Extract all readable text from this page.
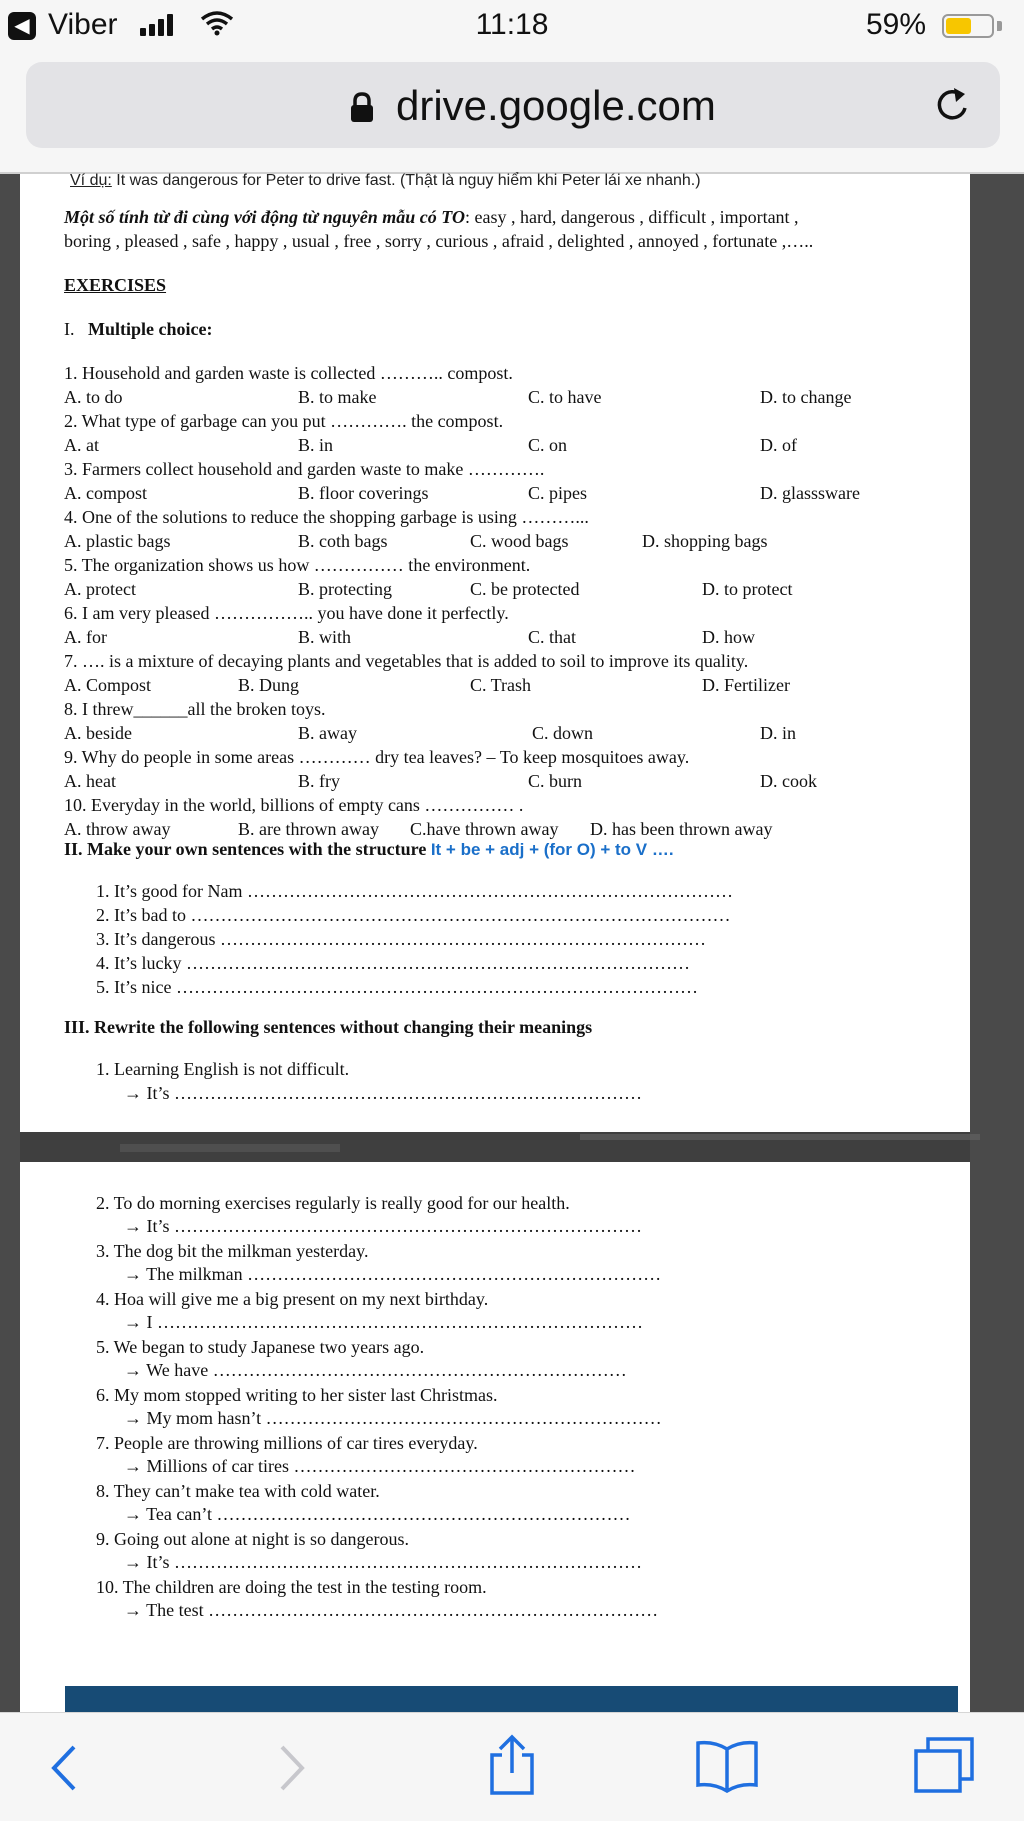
◀ Viber	11:18	59%
drive.google.com
Ví dụ: It was dangerous for Peter to drive fast. (Thật là nguy hiểm khi Peter lái xe nhanh.)
Một số tính từ đi cùng với động từ nguyên mẫu có TO: easy , hard, dangerous , difficult , important ,
boring , pleased , safe , happy , usual , free , sorry , curious , afraid , delighted , annoyed , fortunate ,…..
EXERCISES
I. Multiple choice:
1. Household and garden waste is collected ……….. compost.
A. to do	B. to make	C. to have	D. to change
2. What type of garbage can you put …………. the compost.
A. at	B. in	C. on	D. of
3. Farmers collect household and garden waste to make ………….
A. compost	B. floor coverings	C. pipes	D. glasssware
4. One of the solutions to reduce the shopping garbage is using ………...
A. plastic bags	B. coth bags	C. wood bags	D. shopping bags
5. The organization shows us how …………… the environment.
A. protect	B. protecting	C. be protected	D. to protect
6. I am very pleased …………….. you have done it perfectly.
A. for	B. with	C. that	D. how
7. …. is a mixture of decaying plants and vegetables that is added to soil to improve its quality.
A. Compost	B. Dung	C. Trash	D. Fertilizer
8. I threw______all the broken toys.
A. beside	B. away	C. down	D. in
9. Why do people in some areas ………… dry tea leaves? – To keep mosquitoes away.
A. heat	B. fry	C. burn	D. cook
10. Everyday in the world, billions of empty cans …………… .
A. throw away	B. are thrown away C.have thrown away D. has been thrown away
II. Make your own sentences with the structure It + be + adj + (for O) + to V ….
1. It’s good for Nam ………………………………………………………………………
2. It’s bad to ………………………………………………………………………………
3. It’s dangerous ………………………………………………………………………
4. It’s lucky …………………………………………………………………………
5. It’s nice ……………………………………………………………………………
III. Rewrite the following sentences without changing their meanings
1. Learning English is not difficult.
→ It’s ……………………………………………………………………
2. To do morning exercises regularly is really good for our health.
→ It’s ……………………………………………………………………
3. The dog bit the milkman yesterday.
→ The milkman ……………………………………………………………
4. Hoa will give me a big present on my next birthday.
→ I ………………………………………………………………………
5. We began to study Japanese two years ago.
→ We have ……………………………………………………………
6. My mom stopped writing to her sister last Christmas.
→ My mom hasn’t …………………………………………………………
7. People are throwing millions of car tires everyday.
→ Millions of car tires …………………………………………………
8. They can’t make tea with cold water.
→ Tea can’t ……………………………………………………………
9. Going out alone at night is so dangerous.
→ It’s ……………………………………………………………………
10. The children are doing the test in the testing room.
→ The test …………………………………………………………………
